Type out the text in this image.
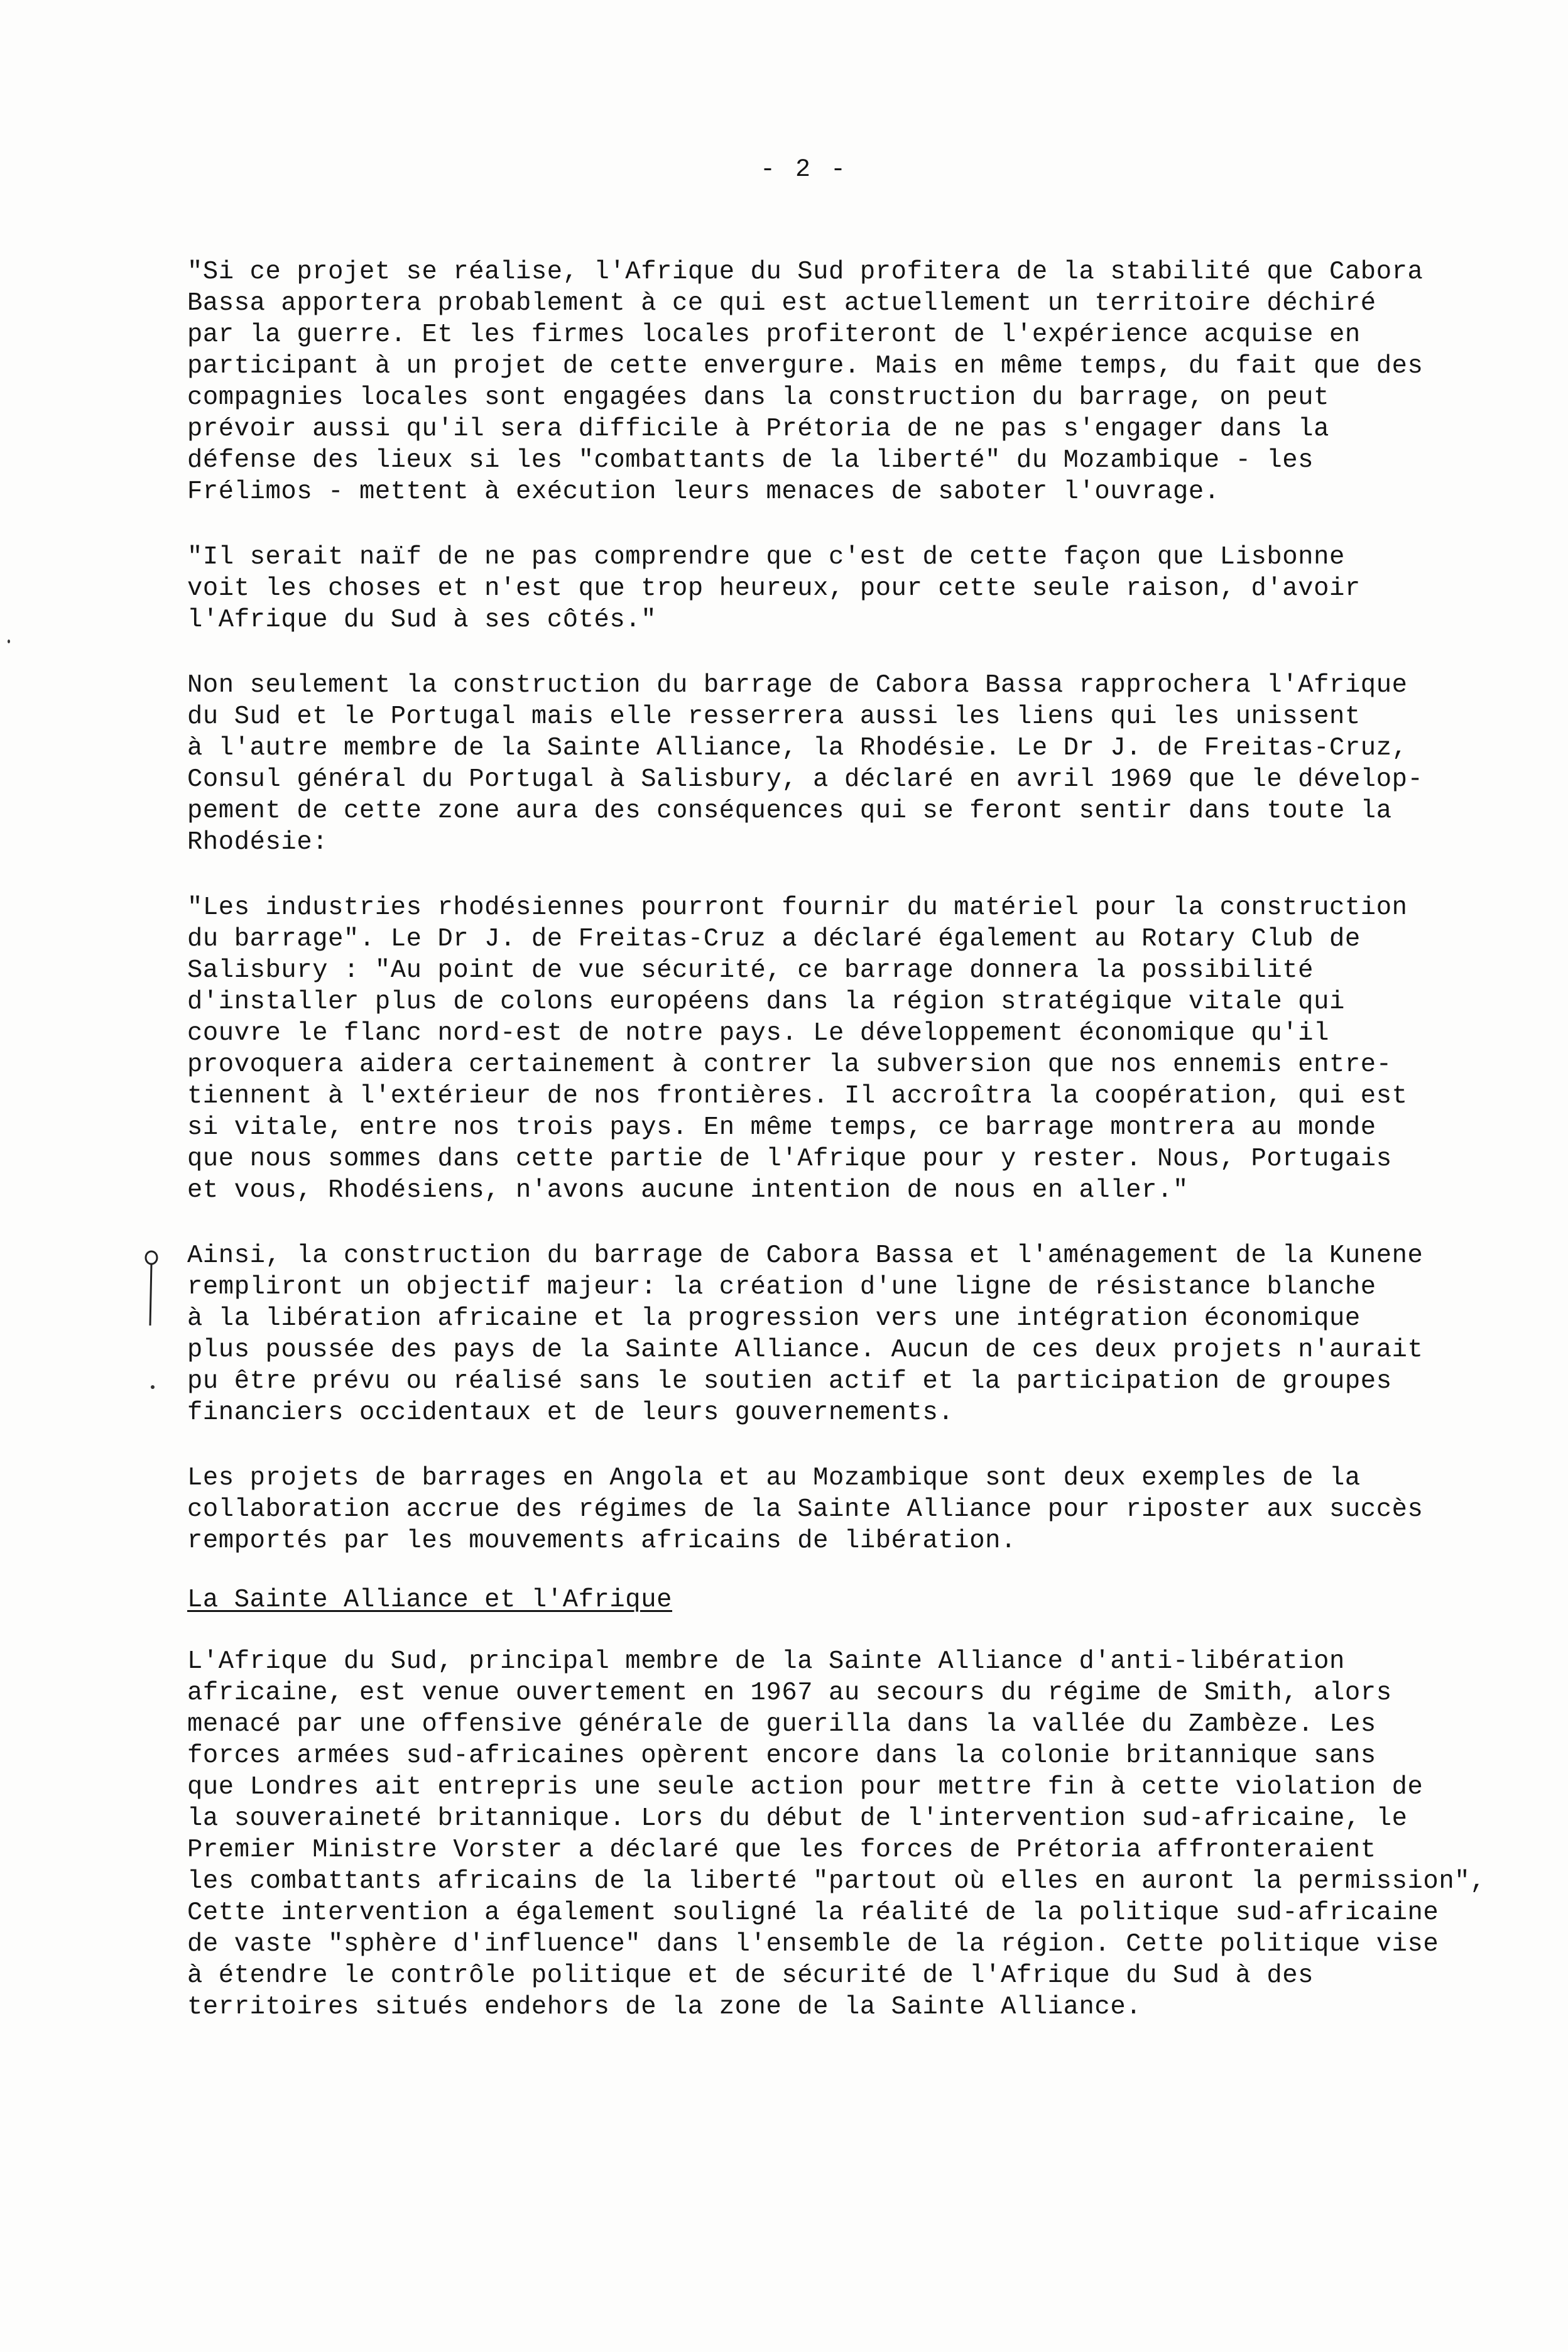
- 2 -

"Si ce projet se réalise, l'Afrique du Sud profitera de la stabilité que Cabora
Bassa apportera probablement à ce qui est actuellement un territoire déchiré
par la guerre. Et les firmes locales profiteront de l'expérience acquise en
participant à un projet de cette envergure. Mais en même temps, du fait que des
compagnies locales sont engagées dans la construction du barrage, on peut
prévoir aussi qu'il sera difficile à Prétoria de ne pas s'engager dans la
défense des lieux si les "combattants de la liberté" du Mozambique - les
Frélimos - mettent à exécution leurs menaces de saboter l'ouvrage.

"Il serait naïf de ne pas comprendre que c'est de cette façon que Lisbonne
voit les choses et n'est que trop heureux, pour cette seule raison, d'avoir
l'Afrique du Sud à ses côtés."

Non seulement la construction du barrage de Cabora Bassa rapprochera l'Afrique
du Sud et le Portugal mais elle resserrera aussi les liens qui les unissent
à l'autre membre de la Sainte Alliance, la Rhodésie. Le Dr J. de Freitas-Cruz,
Consul général du Portugal à Salisbury, a déclaré en avril 1969 que le dévelop-
pement de cette zone aura des conséquences qui se feront sentir dans toute la
Rhodésie:

"Les industries rhodésiennes pourront fournir du matériel pour la construction
du barrage". Le Dr J. de Freitas-Cruz a déclaré également au Rotary Club de
Salisbury : "Au point de vue sécurité, ce barrage donnera la possibilité
d'installer plus de colons européens dans la région stratégique vitale qui
couvre le flanc nord-est de notre pays. Le développement économique qu'il
provoquera aidera certainement à contrer la subversion que nos ennemis entre-
tiennent à l'extérieur de nos frontières. Il accroîtra la coopération, qui est
si vitale, entre nos trois pays. En même temps, ce barrage montrera au monde
que nous sommes dans cette partie de l'Afrique pour y rester. Nous, Portugais
et vous, Rhodésiens, n'avons aucune intention de nous en aller."

Ainsi, la construction du barrage de Cabora Bassa et l'aménagement de la Kunene
rempliront un objectif majeur: la création d'une ligne de résistance blanche
à la libération africaine et la progression vers une intégration économique
plus poussée des pays de la Sainte Alliance. Aucun de ces deux projets n'aurait
pu être prévu ou réalisé sans le soutien actif et la participation de groupes
financiers occidentaux et de leurs gouvernements.

Les projets de barrages en Angola et au Mozambique sont deux exemples de la
collaboration accrue des régimes de la Sainte Alliance pour riposter aux succès
remportés par les mouvements africains de libération.

La Sainte Alliance et l'Afrique

L'Afrique du Sud, principal membre de la Sainte Alliance d'anti-libération
africaine, est venue ouvertement en 1967 au secours du régime de Smith, alors
menacé par une offensive générale de guerilla dans la vallée du Zambèze. Les
forces armées sud-africaines opèrent encore dans la colonie britannique sans
que Londres ait entrepris une seule action pour mettre fin à cette violation de
la souveraineté britannique. Lors du début de l'intervention sud-africaine, le
Premier Ministre Vorster a déclaré que les forces de Prétoria affronteraient
les combattants africains de la liberté "partout où elles en auront la permission",
Cette intervention a également souligné la réalité de la politique sud-africaine
de vaste "sphère d'influence" dans l'ensemble de la région. Cette politique vise
à étendre le contrôle politique et de sécurité de l'Afrique du Sud à des
territoires situés endehors de la zone de la Sainte Alliance.
